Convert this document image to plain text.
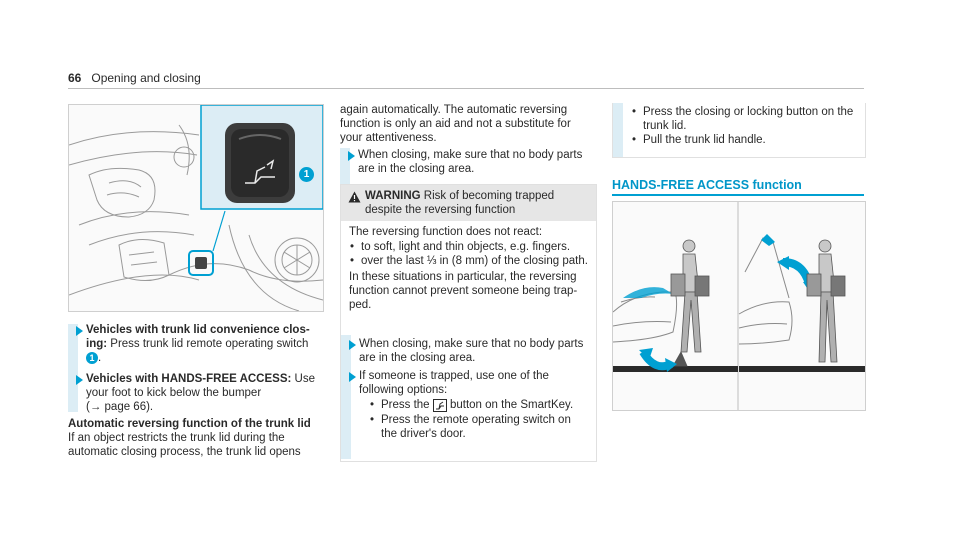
66 Opening and closing
1
Vehicles with trunk lid convenience clos-ing: Press trunk lid remote operating switch
1 .
Vehicles with HANDS-FREE ACCESS: Use your foot to kick below the bumper
(→ page 66).
Automatic reversing function of the trunk lid
If an object restricts the trunk lid during the automatic closing process, the trunk lid opens
again automatically. The automatic reversing function is only an aid and not a substitute for your attentiveness.
When closing, make sure that no body parts are in the closing area.
WARNING Risk of becoming trapped despite the reversing function
The reversing function does not react:
• to soft, light and thin objects, e.g. fingers.
• over the last ⅓ in (8 mm) of the closing path.
In these situations in particular, the reversing function cannot prevent someone being trap-ped.
When closing, make sure that no body parts are in the closing area.
If someone is trapped, use one of the following options:
• Press the button on the SmartKey.
• Press the remote operating switch on the driver's door.
• Press the closing or locking button on the trunk lid.
• Pull the trunk lid handle.
HANDS-FREE ACCESS function
